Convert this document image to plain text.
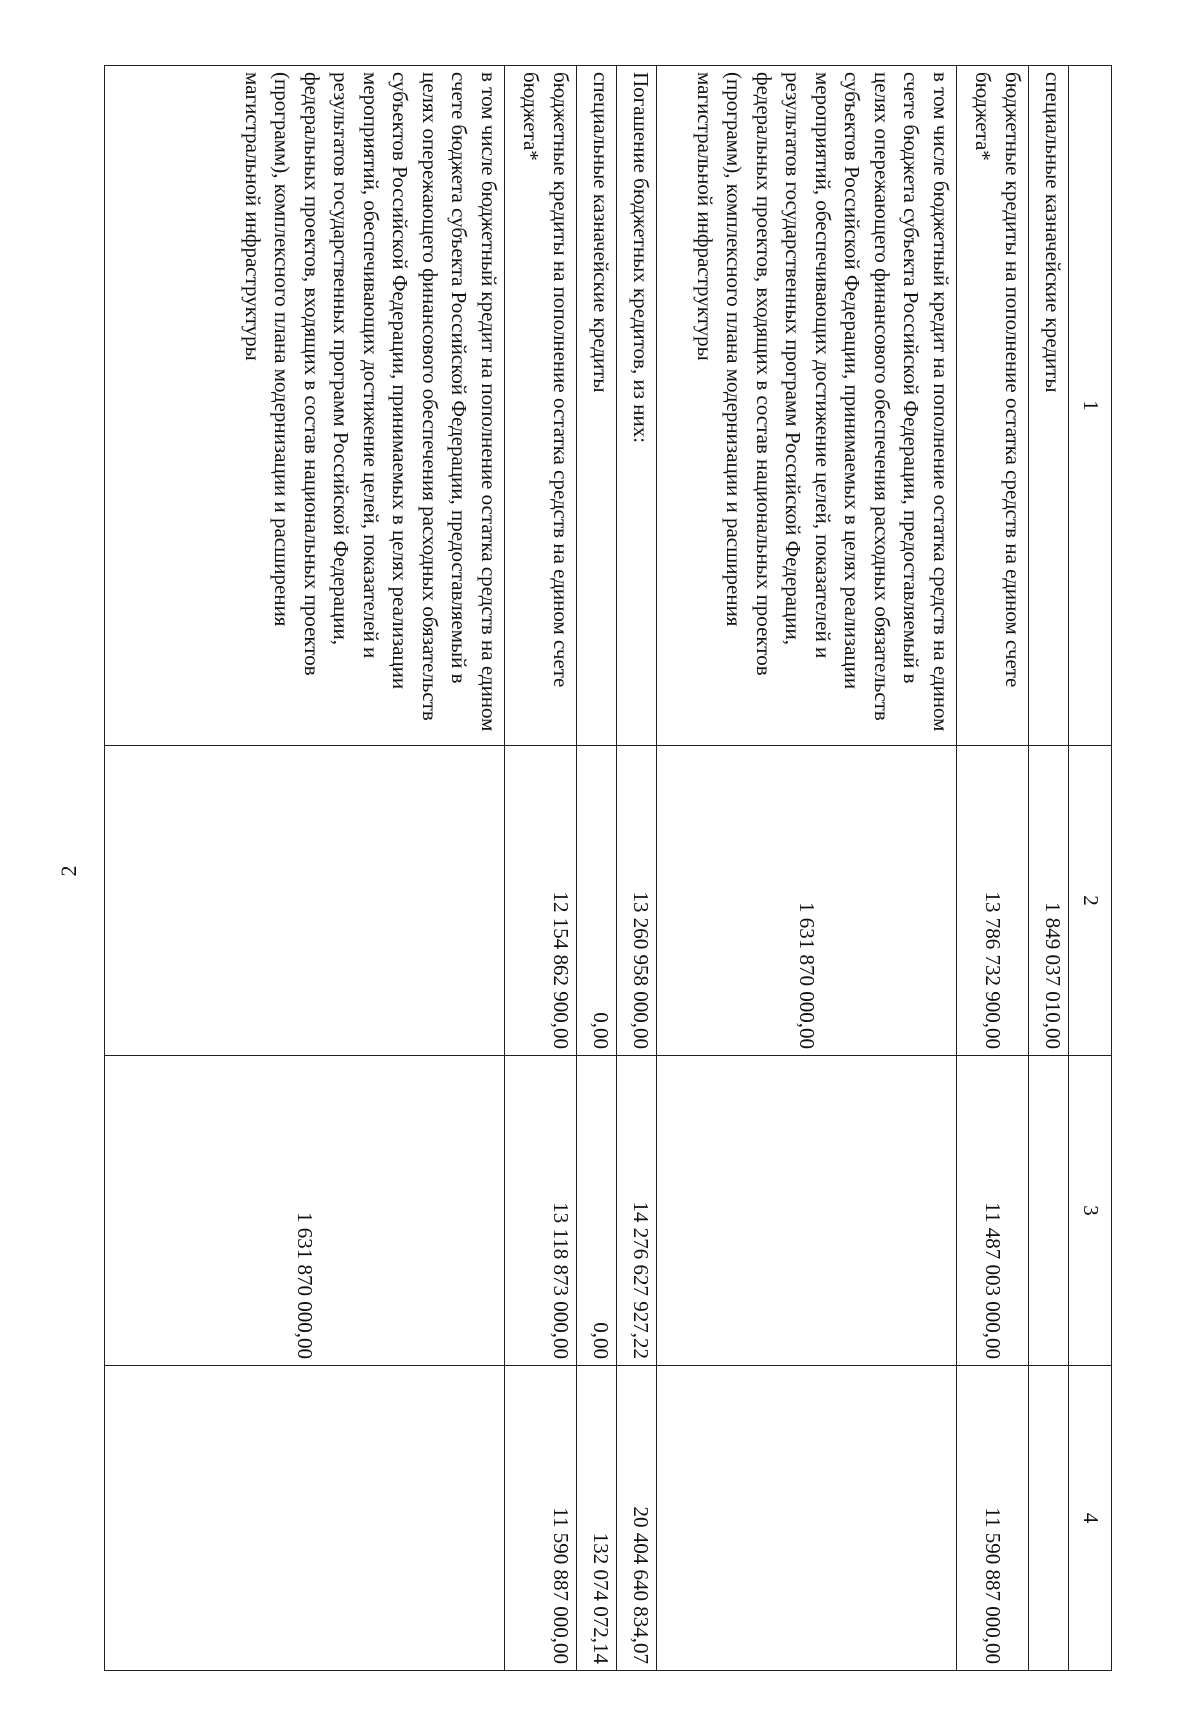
2
1	2	3	4
специальные казначейские кредиты	1 849 037 010,00		
бюджетные кредиты на пополнение остатка средств на едином счете бюджета*	13 786 732 900,00	11 487 003 000,00	11 590 887 000,00
в том числе бюджетный кредит на пополнение остатка средств на едином счете бюджета субъекта Российской Федерации, предоставляемый в целях опережающего финансового обеспечения расходных обязательств субъектов Российской Федерации, принимаемых в целях реализации мероприятий, обеспечивающих достижение целей, показателей и результатов государственных программ Российской Федерации, федеральных проектов, входящих в состав национальных проектов (программ), комплексного плана модернизации и расширения магистральной инфраструктуры	1 631 870 000,00		
Погашение бюджетных кредитов, из них:	13 260 958 000,00	14 276 627 927,22	20 404 640 834,07
специальные казначейские кредиты	0,00	0,00	132 074 072,14
бюджетные кредиты на пополнение остатка средств на едином счете бюджета*	12 154 862 900,00	13 118 873 000,00	11 590 887 000,00
в том числе бюджетный кредит на пополнение остатка средств на едином счете бюджета субъекта Российской Федерации, предоставляемый в целях опережающего финансового обеспечения расходных обязательств субъектов Российской Федерации, принимаемых в целях реализации мероприятий, обеспечивающих достижение целей, показателей и результатов государственных программ Российской Федерации, федеральных проектов, входящих в состав национальных проектов (программ), комплексного плана модернизации и расширения магистральной инфраструктуры		1 631 870 000,00	
